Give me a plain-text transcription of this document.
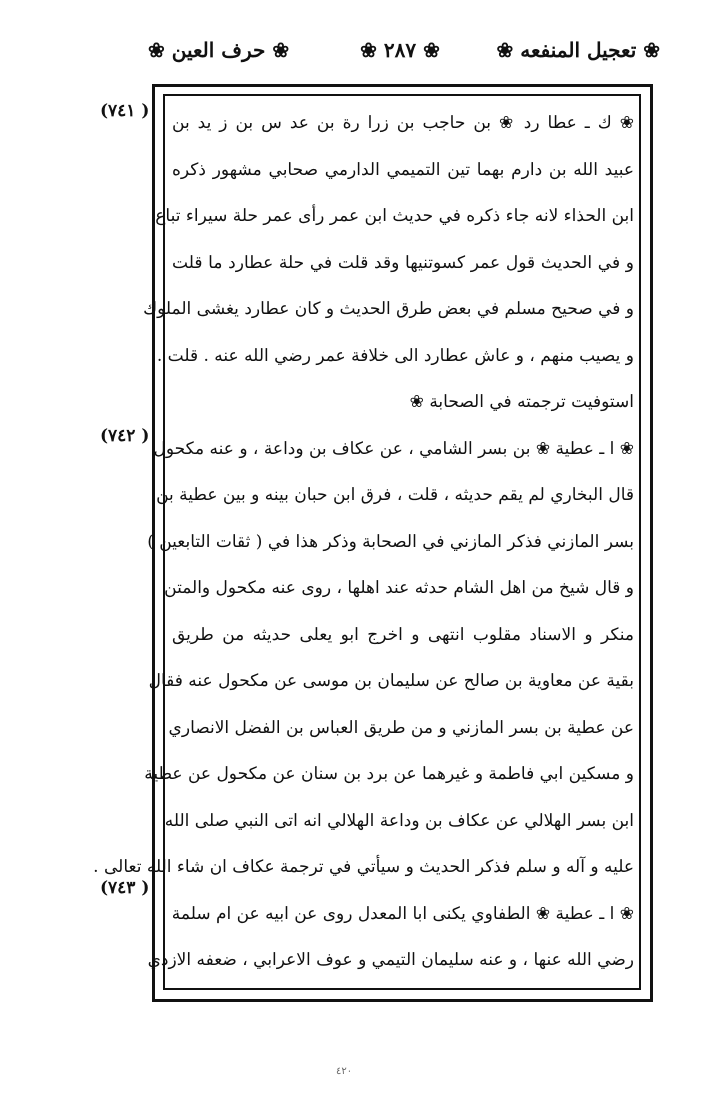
❀ تعجيل المنفعه ❀
❀ ٢٨٧ ❀
❀ حرف العين ❀
( ٧٤١)
( ٧٤٢)
( ٧٤٣)
❀ ك ـ عطا رد ❀ بن حاجب بن زرا رة بن عد س بن ز يد بن
عبيد الله بن دارم بهما تين التميمي الدارمي صحابي مشهور ذكره
ابن الحذاء لانه جاء ذكره في حديث ابن عمر رأى عمر حلة سيراء تباع
و في الحديث قول عمر كسوتنيها وقد قلت في حلة عطارد ما قلت
و في صحيح مسلم في بعض طرق الحديث و كان عطارد يغشى الملوك
و يصيب منهم ، و عاش عطارد الى خلافة عمر رضي الله عنه . قلت .
استوفيت ترجمته في الصحابة ❀
❀ ا ـ عطية ❀ بن بسر الشامي ، عن عكاف بن وداعة ، و عنه مكحول
قال البخاري لم يقم حديثه ، قلت ، فرق ابن حبان بينه و بين عطية بن
بسر المازني فذكر المازني في الصحابة وذكر هذا في ( ثقات التابعين )
و قال شيخ من اهل الشام حدثه عند اهلها ، روى عنه مكحول والمتن
منكر و الاسناد مقلوب انتهى و اخرج ابو يعلى حديثه من طريق
بقية عن معاوية بن صالح عن سليمان بن موسى عن مكحول عنه فقال
عن عطية بن بسر المازني و من طريق العباس بن الفضل الانصاري
و مسكين ابي فاطمة و غيرهما عن برد بن سنان عن مكحول عن عطية
ابن بسر الهلالي عن عكاف بن وداعة الهلالي انه اتى النبي صلى الله
عليه و آله و سلم فذكر الحديث و سيأتي في ترجمة عكاف ان شاء الله تعالى .
❀ ا ـ عطية ❀ الطفاوي يكنى ابا المعدل روى عن ابيه عن ام سلمة
رضي الله عنها ، و عنه سليمان التيمي و عوف الاعرابي ، ضعفه الازدي
٤٢٠
